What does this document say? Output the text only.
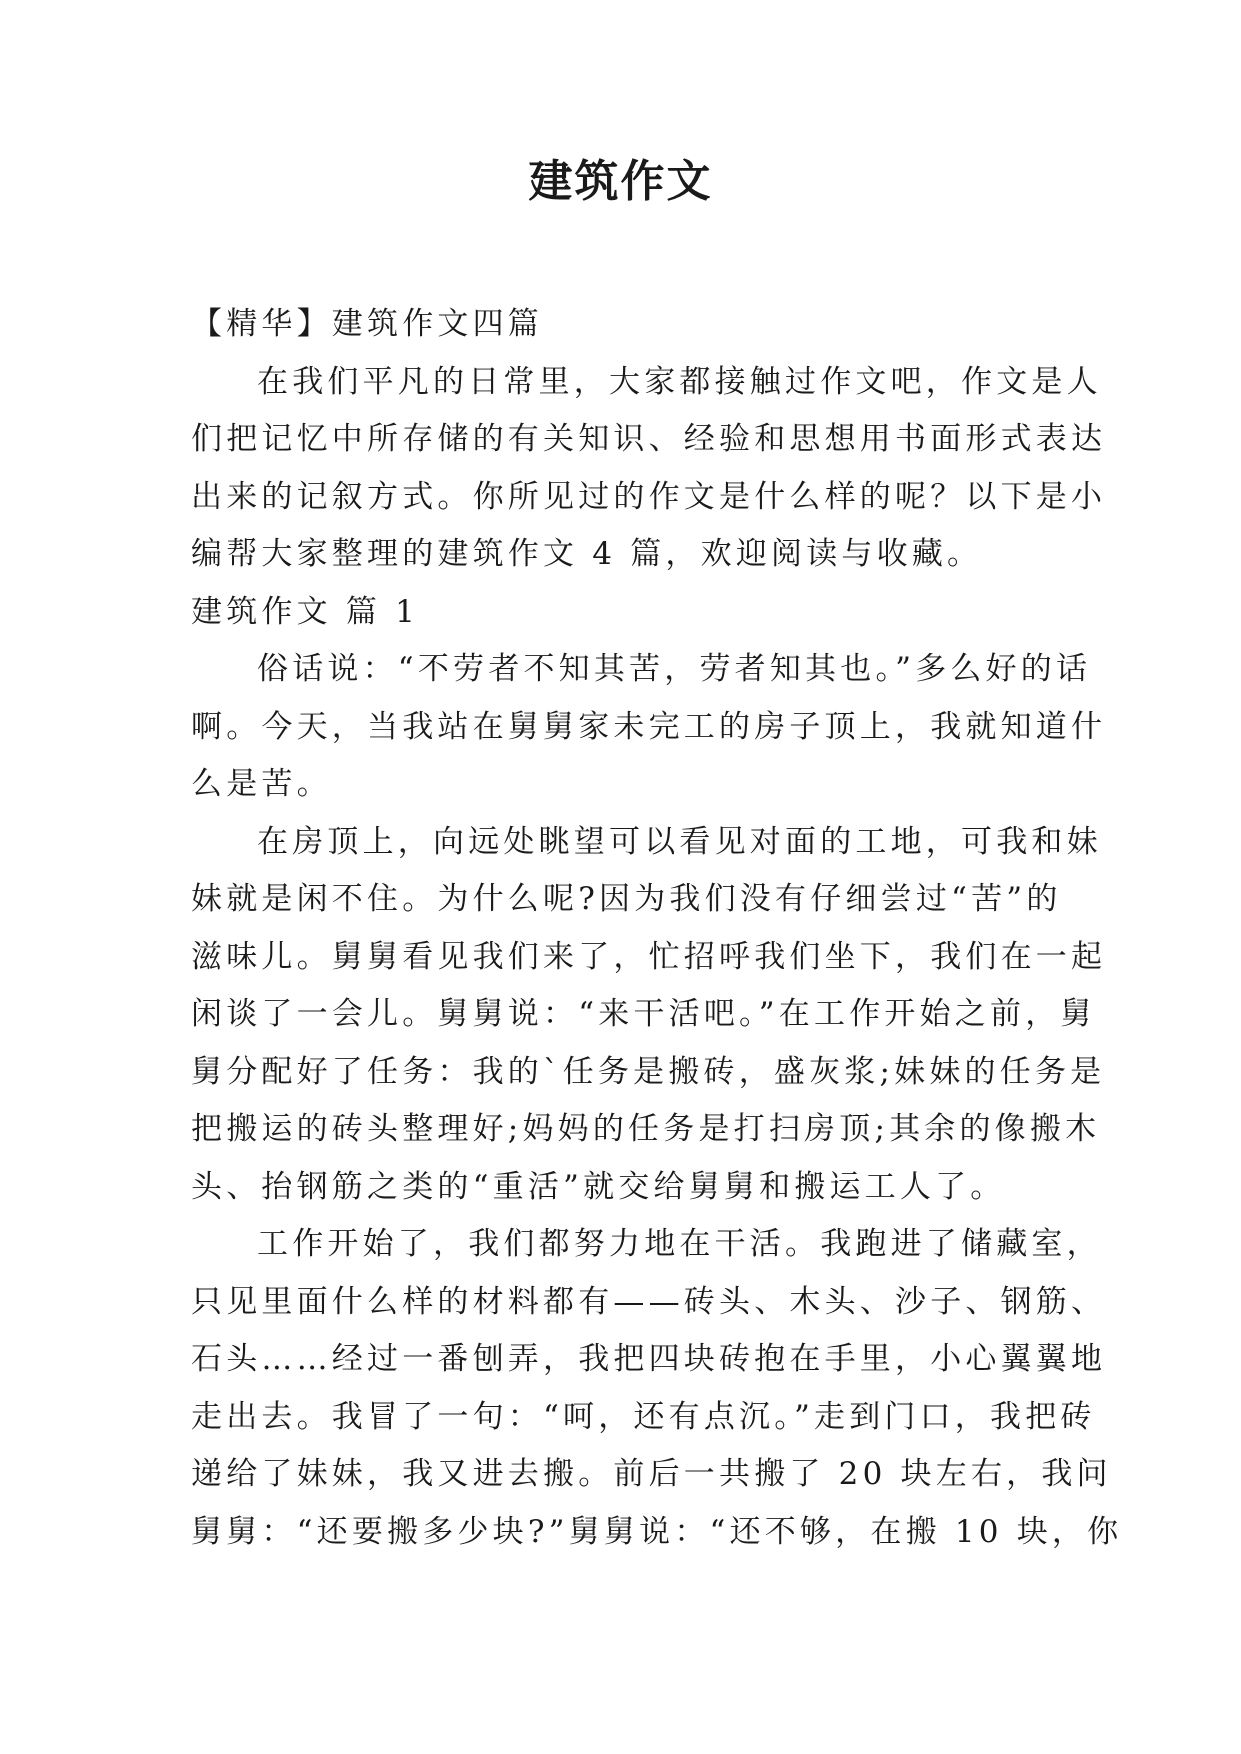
建筑作文
【精华】建筑作文四篇
在我们平凡的日常里，大家都接触过作文吧，作文是人
们把记忆中所存储的有关知识、经验和思想用书面形式表达
出来的记叙方式。你所见过的作文是什么样的呢？以下是小
编帮大家整理的建筑作文 4 篇，欢迎阅读与收藏。
建筑作文 篇 1
俗话说：“不劳者不知其苦，劳者知其也。”多么好的话
啊。今天，当我站在舅舅家未完工的房子顶上，我就知道什
么是苦。
在房顶上，向远处眺望可以看见对面的工地，可我和妹
妹就是闲不住。为什么呢?因为我们没有仔细尝过“苦”的
滋味儿。舅舅看见我们来了，忙招呼我们坐下，我们在一起
闲谈了一会儿。舅舅说：“来干活吧。”在工作开始之前，舅
舅分配好了任务：我的`任务是搬砖，盛灰浆;妹妹的任务是
把搬运的砖头整理好;妈妈的任务是打扫房顶;其余的像搬木
头、抬钢筋之类的“重活”就交给舅舅和搬运工人了。
工作开始了，我们都努力地在干活。我跑进了储藏室，
只见里面什么样的材料都有——砖头、木头、沙子、钢筋、
石头……经过一番刨弄，我把四块砖抱在手里，小心翼翼地
走出去。我冒了一句：“呵，还有点沉。”走到门口，我把砖
递给了妹妹，我又进去搬。前后一共搬了 20 块左右，我问
舅舅：“还要搬多少块?”舅舅说：“还不够，在搬 10 块，你
